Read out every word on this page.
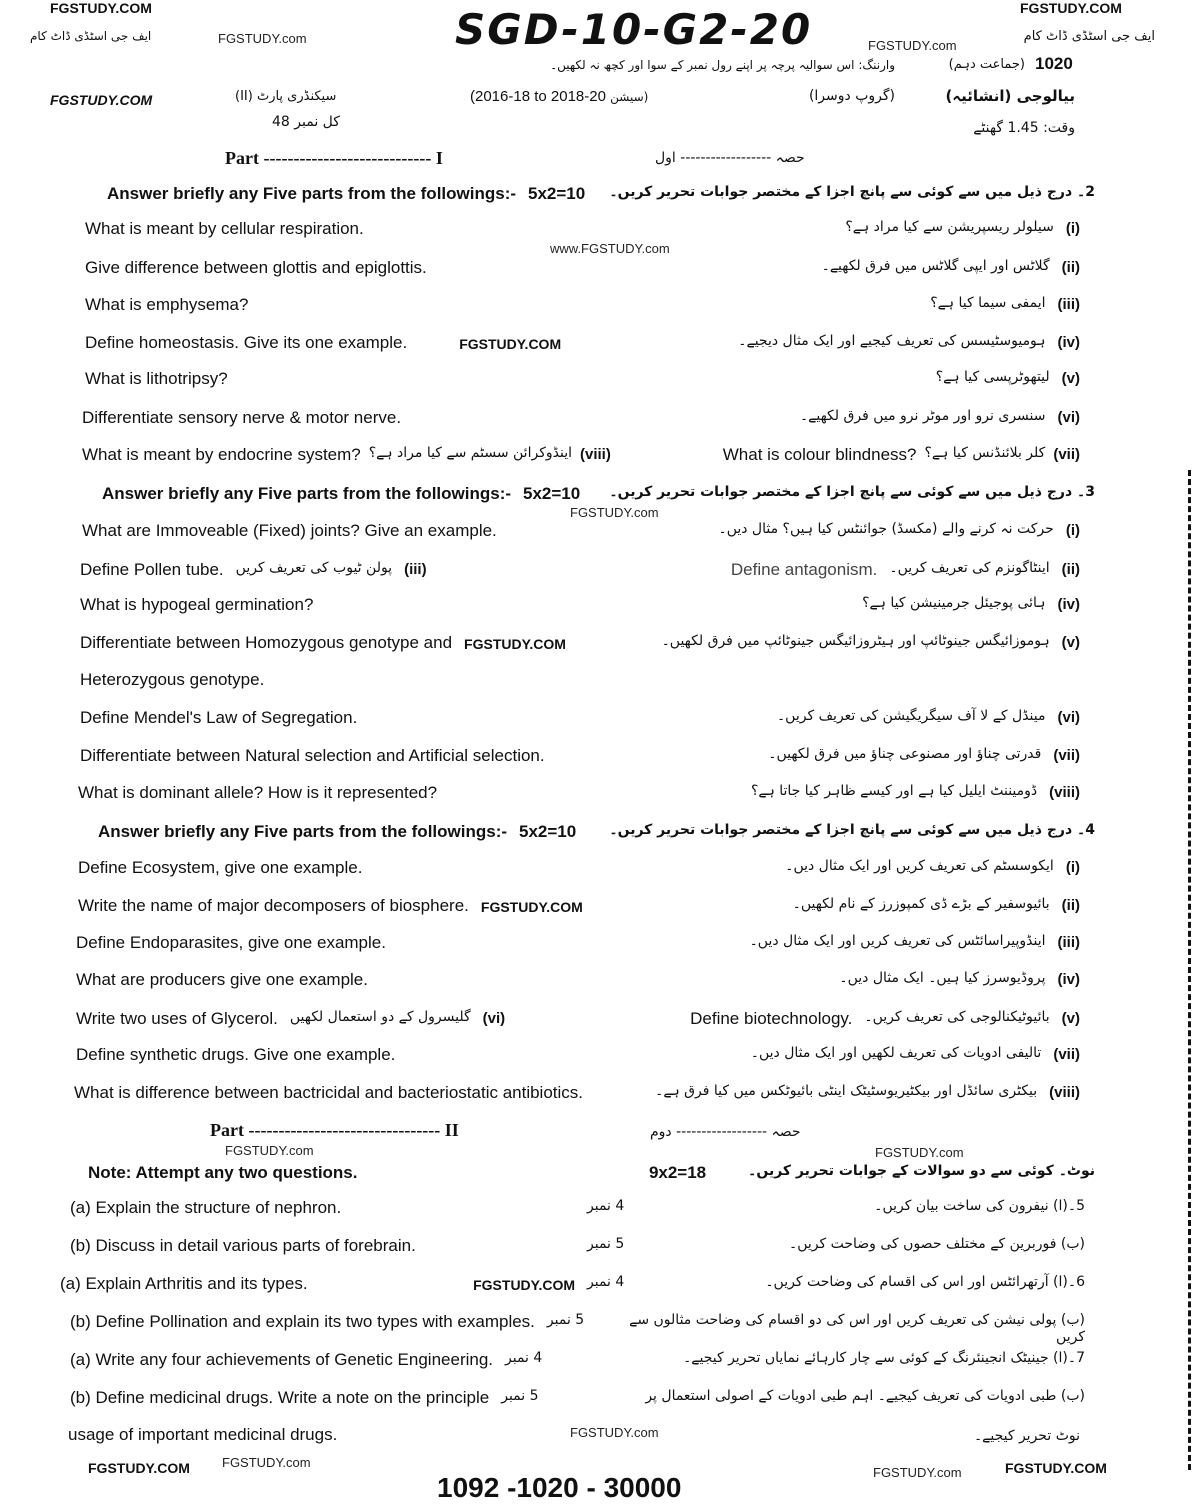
FGSTUDY.COM	FGSTUDY.COM
ایف جی اسٹڈی ڈاٹ کام	ایف جی اسٹڈی ڈاٹ کام
FGSTUDY.com	FGSTUDY.com
FGSTUDY.COM
www.FGSTUDY.com
FGSTUDY.com
FGSTUDY.com	FGSTUDY.com
FGSTUDY.com
FGSTUDY.COM FGSTUDY.com
FGSTUDY.com	FGSTUDY.COM
SGD-10-G2-20
وارننگ: اس سوالیہ پرچہ پر اپنے رول نمبر کے سوا اور کچھ نہ لکھیں۔	(جماعت دہم) 1020
سیکنڈری پارٹ (II)	(2016-18 to 2018-20 سیشن)	(گروپ دوسرا)	بیالوجی (انشائیہ)
کل نمبر 48	وقت: 1.45 گھنٹے
Part ---------------------------- I	حصہ ------------------ اول
Answer briefly any Five parts from the followings:- 5x2=10 2۔ درج ذیل میں سے کوئی سے پانچ اجزا کے مختصر جوابات تحریر کریں۔
What is meant by cellular respiration.	سیلولر ریسپریشن سے کیا مراد ہے؟ (i)
Give difference between glottis and epiglottis.	گلاٹس اور ایپی گلاٹس میں فرق لکھیے۔ (ii)
What is emphysema?	ایمفی سیما کیا ہے؟ (iii)
Define homeostasis. Give its one example.	FGSTUDY.COM	ہومیوسٹیسس کی تعریف کیجیے اور ایک مثال دیجیے۔ (iv)
What is lithotripsy?	لیتھوٹرپسی کیا ہے؟ (v)
Differentiate sensory nerve & motor nerve.	سنسری نرو اور موٹر نرو میں فرق لکھیے۔ (vi)
What is meant by endocrine system? اینڈوکرائن سسٹم سے کیا مراد ہے؟ (viii)	What is colour blindness? کلر بلائنڈنس کیا ہے؟ (vii)
Answer briefly any Five parts from the followings:- 5x2=10 3۔ درج ذیل میں سے کوئی سے پانچ اجزا کے مختصر جوابات تحریر کریں۔
What are Immoveable (Fixed) joints? Give an example.	حرکت نہ کرنے والے (مکسڈ) جوائنٹس کیا ہیں؟ مثال دیں۔ (i)
Define Pollen tube. پولن ٹیوب کی تعریف کریں (iii)	Define antagonism. اینٹاگونزم کی تعریف کریں۔ (ii)
What is hypogeal germination?	ہائی پوجیئل جرمینیشن کیا ہے؟ (iv)
Differentiate between Homozygous genotype and FGSTUDY.COM	ہوموزائیگس جینوٹائپ اور ہیٹروزائیگس جینوٹائپ میں فرق لکھیں۔ (v)
Heterozygous genotype.
Define Mendel's Law of Segregation.	مینڈل کے لا آف سیگریگیشن کی تعریف کریں۔ (vi)
Differentiate between Natural selection and Artificial selection.	قدرتی چناؤ اور مصنوعی چناؤ میں فرق لکھیں۔ (vii)
What is dominant allele? How is it represented?	ڈومیننٹ ایلیل کیا ہے اور کیسے ظاہر کیا جاتا ہے؟ (viii)
Answer briefly any Five parts from the followings:- 5x2=10 4۔ درج ذیل میں سے کوئی سے پانچ اجزا کے مختصر جوابات تحریر کریں۔
Define Ecosystem, give one example.	ایکوسسٹم کی تعریف کریں اور ایک مثال دیں۔ (i)
Write the name of major decomposers of biosphere. FGSTUDY.COM	بائیوسفیر کے بڑے ڈی کمپوزرز کے نام لکھیں۔ (ii)
Define Endoparasites, give one example.	اینڈوپیراسائٹس کی تعریف کریں اور ایک مثال دیں۔ (iii)
What are producers give one example.	پروڈیوسرز کیا ہیں۔ ایک مثال دیں۔ (iv)
Write two uses of Glycerol. گلیسرول کے دو استعمال لکھیں (vi)	Define biotechnology. بائیوٹیکنالوجی کی تعریف کریں۔ (v)
Define synthetic drugs. Give one example.	تالیفی ادویات کی تعریف لکھیں اور ایک مثال دیں۔ (vii)
What is difference between bactricidal and bacteriostatic antibiotics.	بیکٹری سائڈل اور بیکٹیریوسٹیٹک اینٹی بائیوٹکس میں کیا فرق ہے۔ (viii)
Part -------------------------------- II	حصہ ------------------ دوم
Note: Attempt any two questions.	9x2=18	نوٹ۔ کوئی سے دو سوالات کے جوابات تحریر کریں۔
(a) Explain the structure of nephron.	4 نمبر	5۔(ا) نیفرون کی ساخت بیان کریں۔
(b) Discuss in detail various parts of forebrain.	5 نمبر	(ب) فوربرین کے مختلف حصوں کی وضاحت کریں۔
(a) Explain Arthritis and its types.	FGSTUDY.COM 4 نمبر	6۔(ا) آرتھرائٹس اور اس کی اقسام کی وضاحت کریں۔
(b) Define Pollination and explain its two types with examples. 5 نمبر	(ب) پولی نیشن کی تعریف کریں اور اس کی دو اقسام کی وضاحت مثالوں سے کریں
(a) Write any four achievements of Genetic Engineering. 4 نمبر	7۔(ا) جینیٹک انجینئرنگ کے کوئی سے چار کارہائے نمایاں تحریر کیجیے۔
(b) Define medicinal drugs. Write a note on the principle 5 نمبر	(ب) طبی ادویات کی تعریف کیجیے۔ اہم طبی ادویات کے اصولی استعمال پر
usage of important medicinal drugs.	نوٹ تحریر کیجیے۔
1092 -1020 - 30000
